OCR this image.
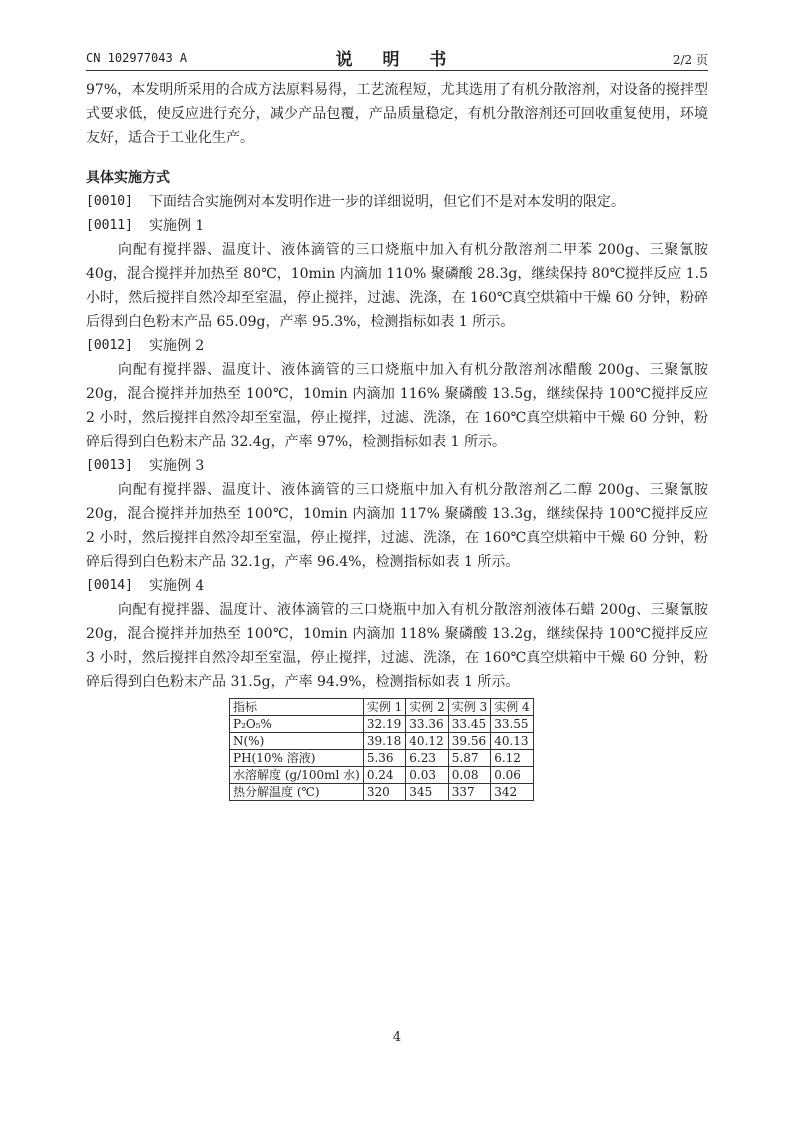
CN 102977043 A	说 明 书	2/2 页

97%，本发明所采用的合成方法原料易得，工艺流程短，尤其选用了有机分散溶剂，对设备的搅拌型式要求低，使反应进行充分，减少产品包覆，产品质量稳定，有机分散溶剂还可回收重复使用，环境友好，适合于工业化生产。

具体实施方式
[0010] 下面结合实施例对本发明作进一步的详细说明，但它们不是对本发明的限定。
[0011] 实施例 1

向配有搅拌器、温度计、液体滴管的三口烧瓶中加入有机分散溶剂二甲苯 200g、三聚氰胺 40g，混合搅拌并加热至 80℃，10min 内滴加 110% 聚磷酸 28.3g，继续保持 80℃搅拌反应 1.5 小时，然后搅拌自然冷却至室温，停止搅拌，过滤、洗涤，在 160℃真空烘箱中干燥 60 分钟，粉碎后得到白色粉末产品 65.09g，产率 95.3%，检测指标如表 1 所示。

[0012] 实施例 2

向配有搅拌器、温度计、液体滴管的三口烧瓶中加入有机分散溶剂冰醋酸 200g、三聚氰胺 20g，混合搅拌并加热至 100℃，10min 内滴加 116% 聚磷酸 13.5g，继续保持 100℃搅拌反应 2 小时，然后搅拌自然冷却至室温，停止搅拌，过滤、洗涤，在 160℃真空烘箱中干燥 60 分钟，粉碎后得到白色粉末产品 32.4g，产率 97%，检测指标如表 1 所示。

[0013] 实施例 3

向配有搅拌器、温度计、液体滴管的三口烧瓶中加入有机分散溶剂乙二醇 200g、三聚氰胺 20g，混合搅拌并加热至 100℃，10min 内滴加 117% 聚磷酸 13.3g，继续保持 100℃搅拌反应 2 小时，然后搅拌自然冷却至室温，停止搅拌，过滤、洗涤，在 160℃真空烘箱中干燥 60 分钟，粉碎后得到白色粉末产品 32.1g，产率 96.4%，检测指标如表 1 所示。

[0014] 实施例 4

向配有搅拌器、温度计、液体滴管的三口烧瓶中加入有机分散溶剂液体石蜡 200g、三聚氰胺 20g，混合搅拌并加热至 100℃，10min 内滴加 118% 聚磷酸 13.2g，继续保持 100℃搅拌反应 3 小时，然后搅拌自然冷却至室温，停止搅拌，过滤、洗涤，在 160℃真空烘箱中干燥 60 分钟，粉碎后得到白色粉末产品 31.5g，产率 94.9%，检测指标如表 1 所示。

指标	实例 1	实例 2	实例 3	实例 4
P₂O₅%	32.19	33.36	33.45	33.55
N(%)	39.18	40.12	39.56	40.13
PH(10% 溶液)	5.36	6.23	5.87	6.12
水溶解度 (g/100ml 水)	0.24	0.03	0.08	0.06
热分解温度 (℃)	320	345	337	342
4
